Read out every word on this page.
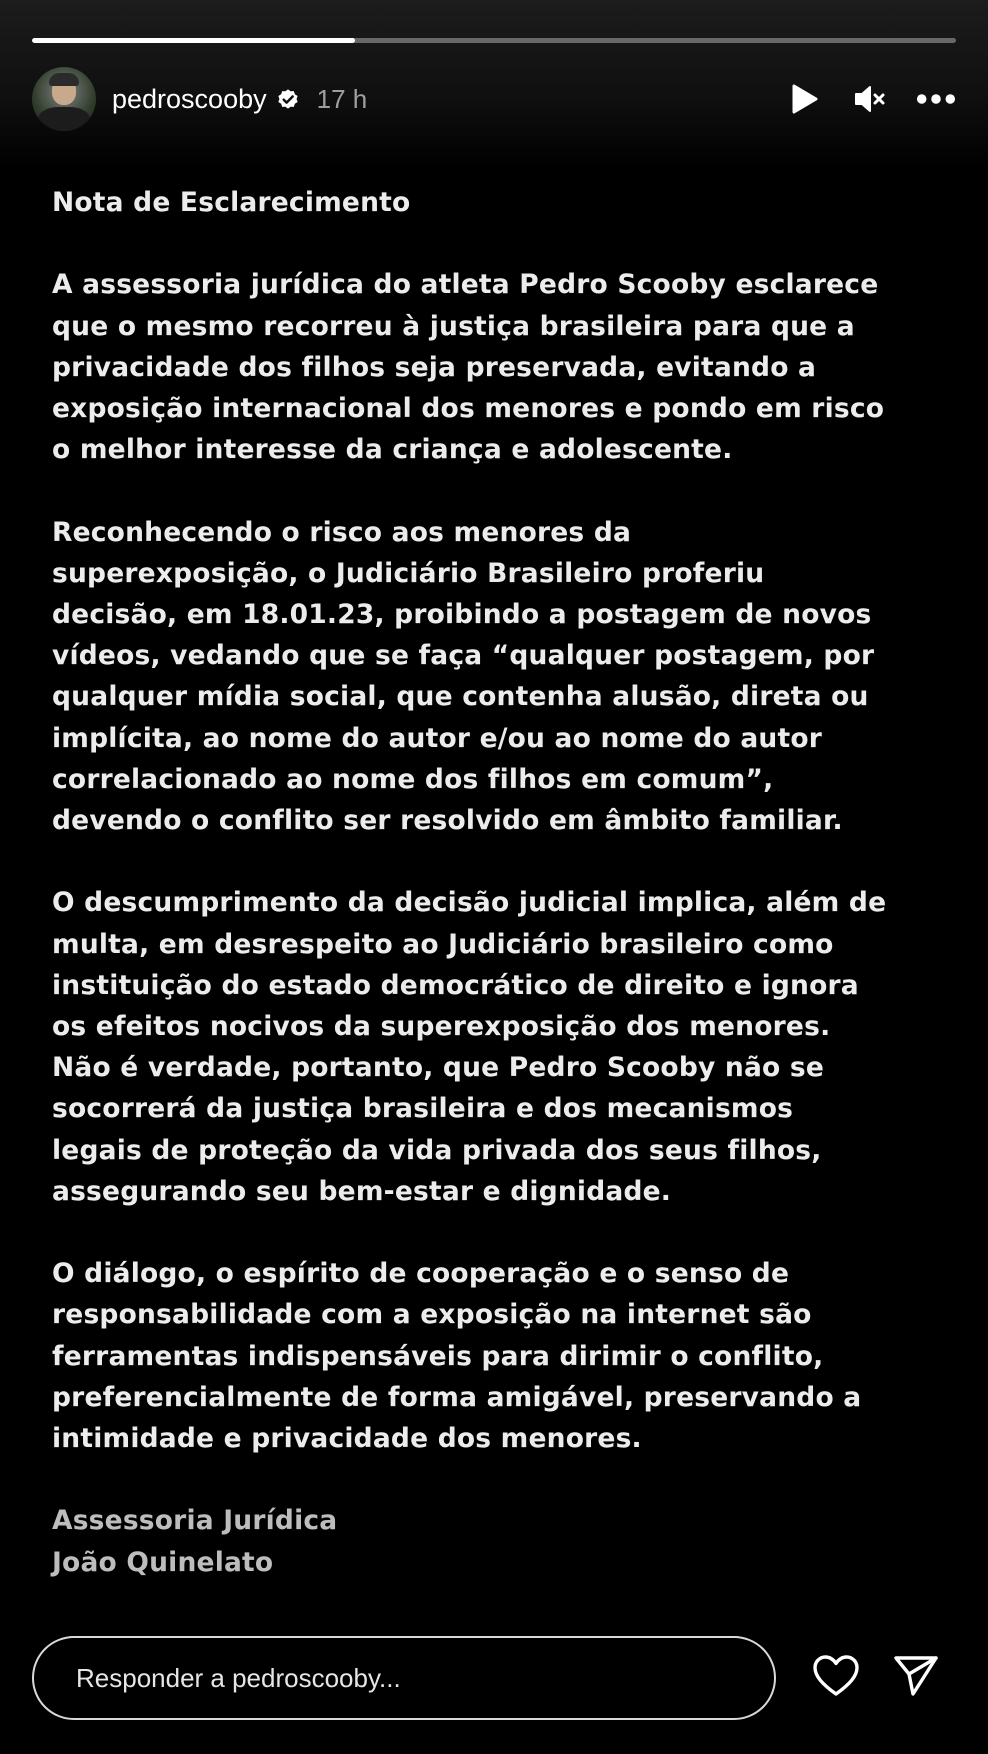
pedroscooby 17 h

Nota de Esclarecimento

A assessoria jurídica do atleta Pedro Scooby esclarece
que o mesmo recorreu à justiça brasileira para que a
privacidade dos filhos seja preservada, evitando a
exposição internacional dos menores e pondo em risco
o melhor interesse da criança e adolescente.

Reconhecendo o risco aos menores da
superexposição, o Judiciário Brasileiro proferiu
decisão, em 18.01.23, proibindo a postagem de novos
vídeos, vedando que se faça “qualquer postagem, por
qualquer mídia social, que contenha alusão, direta ou
implícita, ao nome do autor e/ou ao nome do autor
correlacionado ao nome dos filhos em comum”,
devendo o conflito ser resolvido em âmbito familiar.

O descumprimento da decisão judicial implica, além de
multa, em desrespeito ao Judiciário brasileiro como
instituição do estado democrático de direito e ignora
os efeitos nocivos da superexposição dos menores.
Não é verdade, portanto, que Pedro Scooby não se
socorrerá da justiça brasileira e dos mecanismos
legais de proteção da vida privada dos seus filhos,
assegurando seu bem-estar e dignidade.

O diálogo, o espírito de cooperação e o senso de
responsabilidade com a exposição na internet são
ferramentas indispensáveis para dirimir o conflito,
preferencialmente de forma amigável, preservando a
intimidade e privacidade dos menores.

Assessoria Jurídica
João Quinelato

Responder a pedroscooby...
